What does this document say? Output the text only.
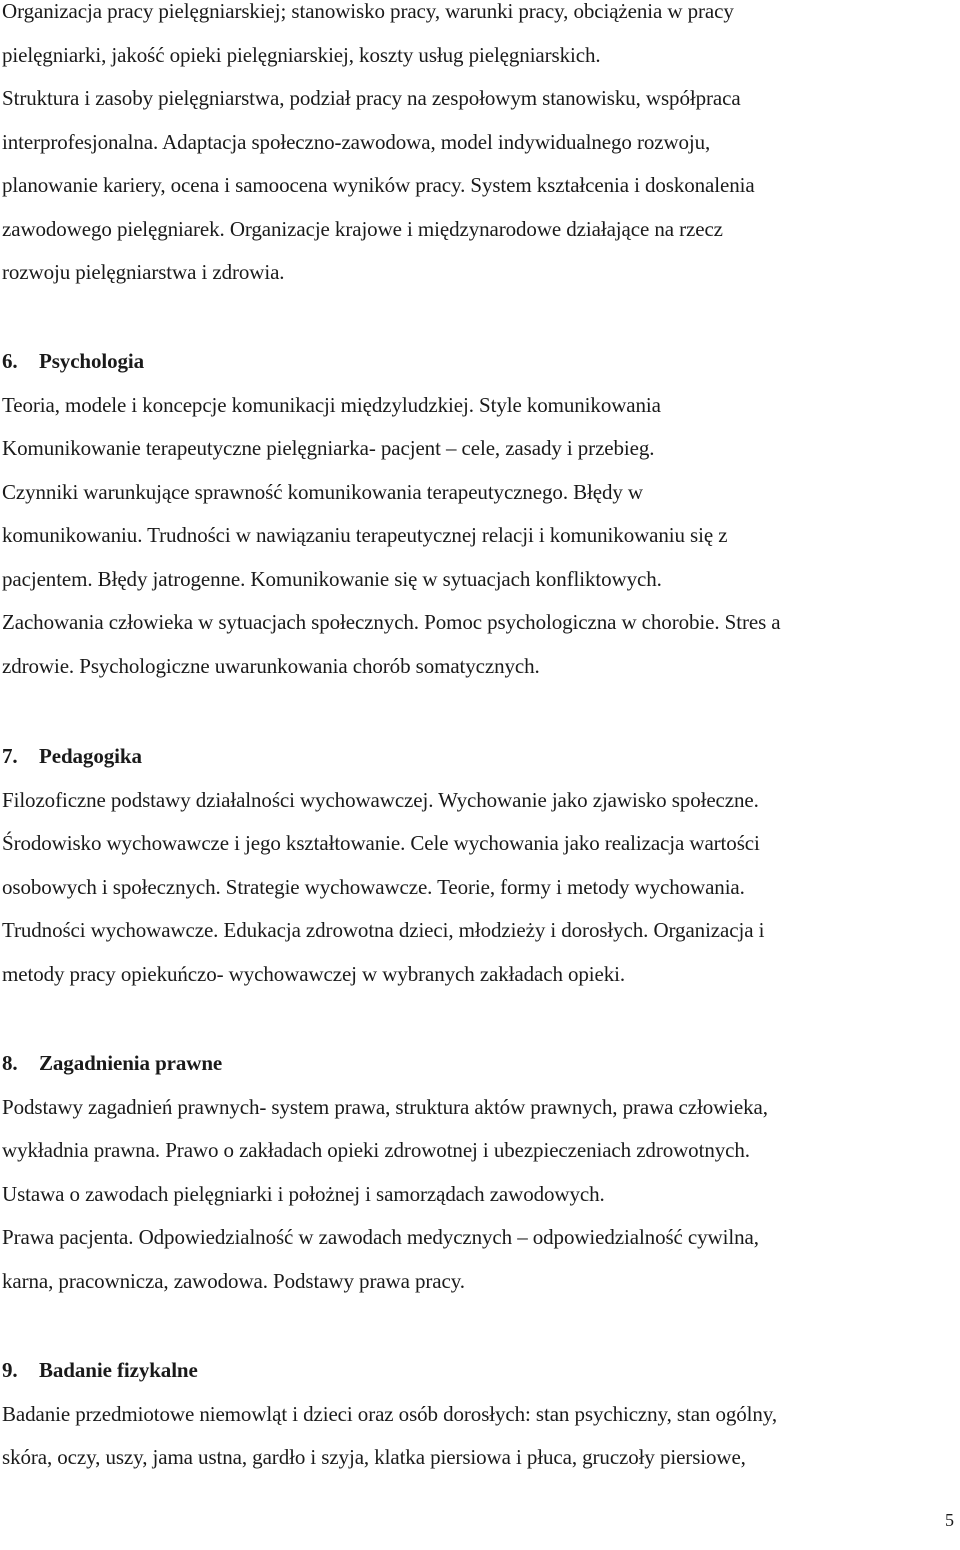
Organizacja pracy pielęgniarskiej; stanowisko pracy, warunki pracy, obciążenia w pracy

pielęgniarki, jakość opieki pielęgniarskiej, koszty usług pielęgniarskich.

Struktura i zasoby pielęgniarstwa, podział pracy na zespołowym stanowisku, współpraca

interprofesjonalna. Adaptacja społeczno-zawodowa, model indywidualnego rozwoju,

planowanie kariery, ocena i samoocena wyników pracy. System kształcenia i doskonalenia

zawodowego pielęgniarek. Organizacje krajowe i międzynarodowe działające na rzecz

rozwoju pielęgniarstwa i zdrowia.

6. Psychologia

Teoria, modele i koncepcje komunikacji międzyludzkiej. Style komunikowania

Komunikowanie terapeutyczne pielęgniarka- pacjent – cele, zasady i przebieg.

Czynniki warunkujące sprawność komunikowania terapeutycznego. Błędy w

komunikowaniu. Trudności w nawiązaniu terapeutycznej relacji i komunikowaniu się z

pacjentem. Błędy jatrogenne. Komunikowanie się w sytuacjach konfliktowych.

Zachowania człowieka w sytuacjach społecznych. Pomoc psychologiczna w chorobie. Stres a

zdrowie. Psychologiczne uwarunkowania chorób somatycznych.

7. Pedagogika

Filozoficzne podstawy działalności wychowawczej. Wychowanie jako zjawisko społeczne.

Środowisko wychowawcze i jego kształtowanie. Cele wychowania jako realizacja wartości

osobowych i społecznych. Strategie wychowawcze. Teorie, formy i metody wychowania.

Trudności wychowawcze. Edukacja zdrowotna dzieci, młodzieży i dorosłych. Organizacja i

metody pracy opiekuńczo- wychowawczej w wybranych zakładach opieki.

8. Zagadnienia prawne

Podstawy zagadnień prawnych- system prawa, struktura aktów prawnych, prawa człowieka,

wykładnia prawna. Prawo o zakładach opieki zdrowotnej i ubezpieczeniach zdrowotnych.

Ustawa o zawodach pielęgniarki i położnej i samorządach zawodowych.

Prawa pacjenta. Odpowiedzialność w zawodach medycznych – odpowiedzialność cywilna,

karna, pracownicza, zawodowa. Podstawy prawa pracy.

9. Badanie fizykalne

Badanie przedmiotowe niemowląt i dzieci oraz osób dorosłych: stan psychiczny, stan ogólny,

skóra, oczy, uszy, jama ustna, gardło i szyja, klatka piersiowa i płuca, gruczoły piersiowe,

5
